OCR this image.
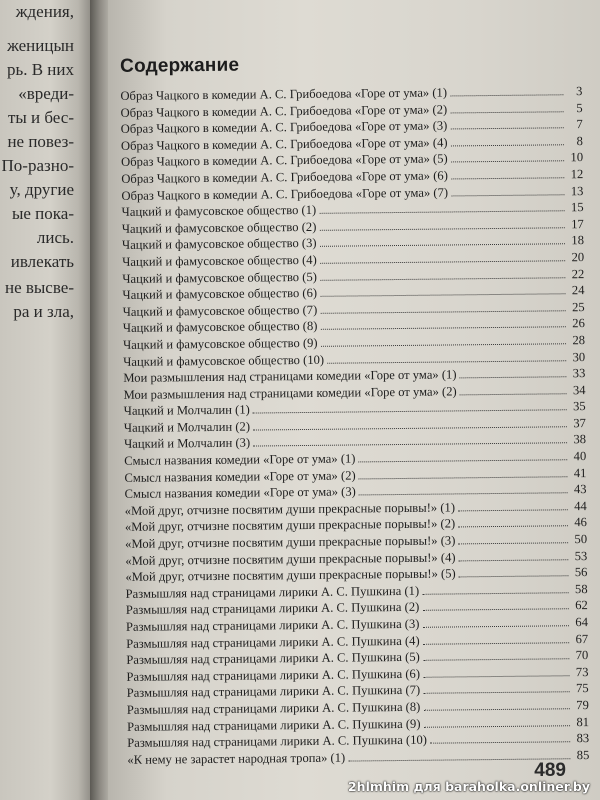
ждения,
женицын
рь. В них
«вреди-
ты и бес-
не повез-
По-разно-
у, другие
ые пока-
лись.
ивлекать
не высве-
ра и зла,
Содержание
Образ Чацкого в комедии А. С. Грибоедова «Горе от ума» (1)	3
Образ Чацкого в комедии А. С. Грибоедова «Горе от ума» (2)	5
Образ Чацкого в комедии А. С. Грибоедова «Горе от ума» (3)	7
Образ Чацкого в комедии А. С. Грибоедова «Горе от ума» (4)	8
Образ Чацкого в комедии А. С. Грибоедова «Горе от ума» (5)	10
Образ Чацкого в комедии А. С. Грибоедова «Горе от ума» (6)	12
Образ Чацкого в комедии А. С. Грибоедова «Горе от ума» (7)	13
Чацкий и фамусовское общество (1)	15
Чацкий и фамусовское общество (2)	17
Чацкий и фамусовское общество (3)	18
Чацкий и фамусовское общество (4)	20
Чацкий и фамусовское общество (5)	22
Чацкий и фамусовское общество (6)	24
Чацкий и фамусовское общество (7)	25
Чацкий и фамусовское общество (8)	26
Чацкий и фамусовское общество (9)	28
Чацкий и фамусовское общество (10)	30
Мои размышления над страницами комедии «Горе от ума» (1)	33
Мои размышления над страницами комедии «Горе от ума» (2)	34
Чацкий и Молчалин (1)	35
Чацкий и Молчалин (2)	37
Чацкий и Молчалин (3)	38
Смысл названия комедии «Горе от ума» (1)	40
Смысл названия комедии «Горе от ума» (2)	41
Смысл названия комедии «Горе от ума» (3)	43
«Мой друг, отчизне посвятим души прекрасные порывы!» (1)	44
«Мой друг, отчизне посвятим души прекрасные порывы!» (2)	46
«Мой друг, отчизне посвятим души прекрасные порывы!» (3)	50
«Мой друг, отчизне посвятим души прекрасные порывы!» (4)	53
«Мой друг, отчизне посвятим души прекрасные порывы!» (5)	56
Размышляя над страницами лирики А. С. Пушкина (1)	58
Размышляя над страницами лирики А. С. Пушкина (2)	62
Размышляя над страницами лирики А. С. Пушкина (3)	64
Размышляя над страницами лирики А. С. Пушкина (4)	67
Размышляя над страницами лирики А. С. Пушкина (5)	70
Размышляя над страницами лирики А. С. Пушкина (6)	73
Размышляя над страницами лирики А. С. Пушкина (7)	75
Размышляя над страницами лирики А. С. Пушкина (8)	79
Размышляя над страницами лирики А. С. Пушкина (9)	81
Размышляя над страницами лирики А. С. Пушкина (10)	83
«К нему не зарастет народная тропа» (1)	85
489
2hlmhim для baraholka.onliner.by
